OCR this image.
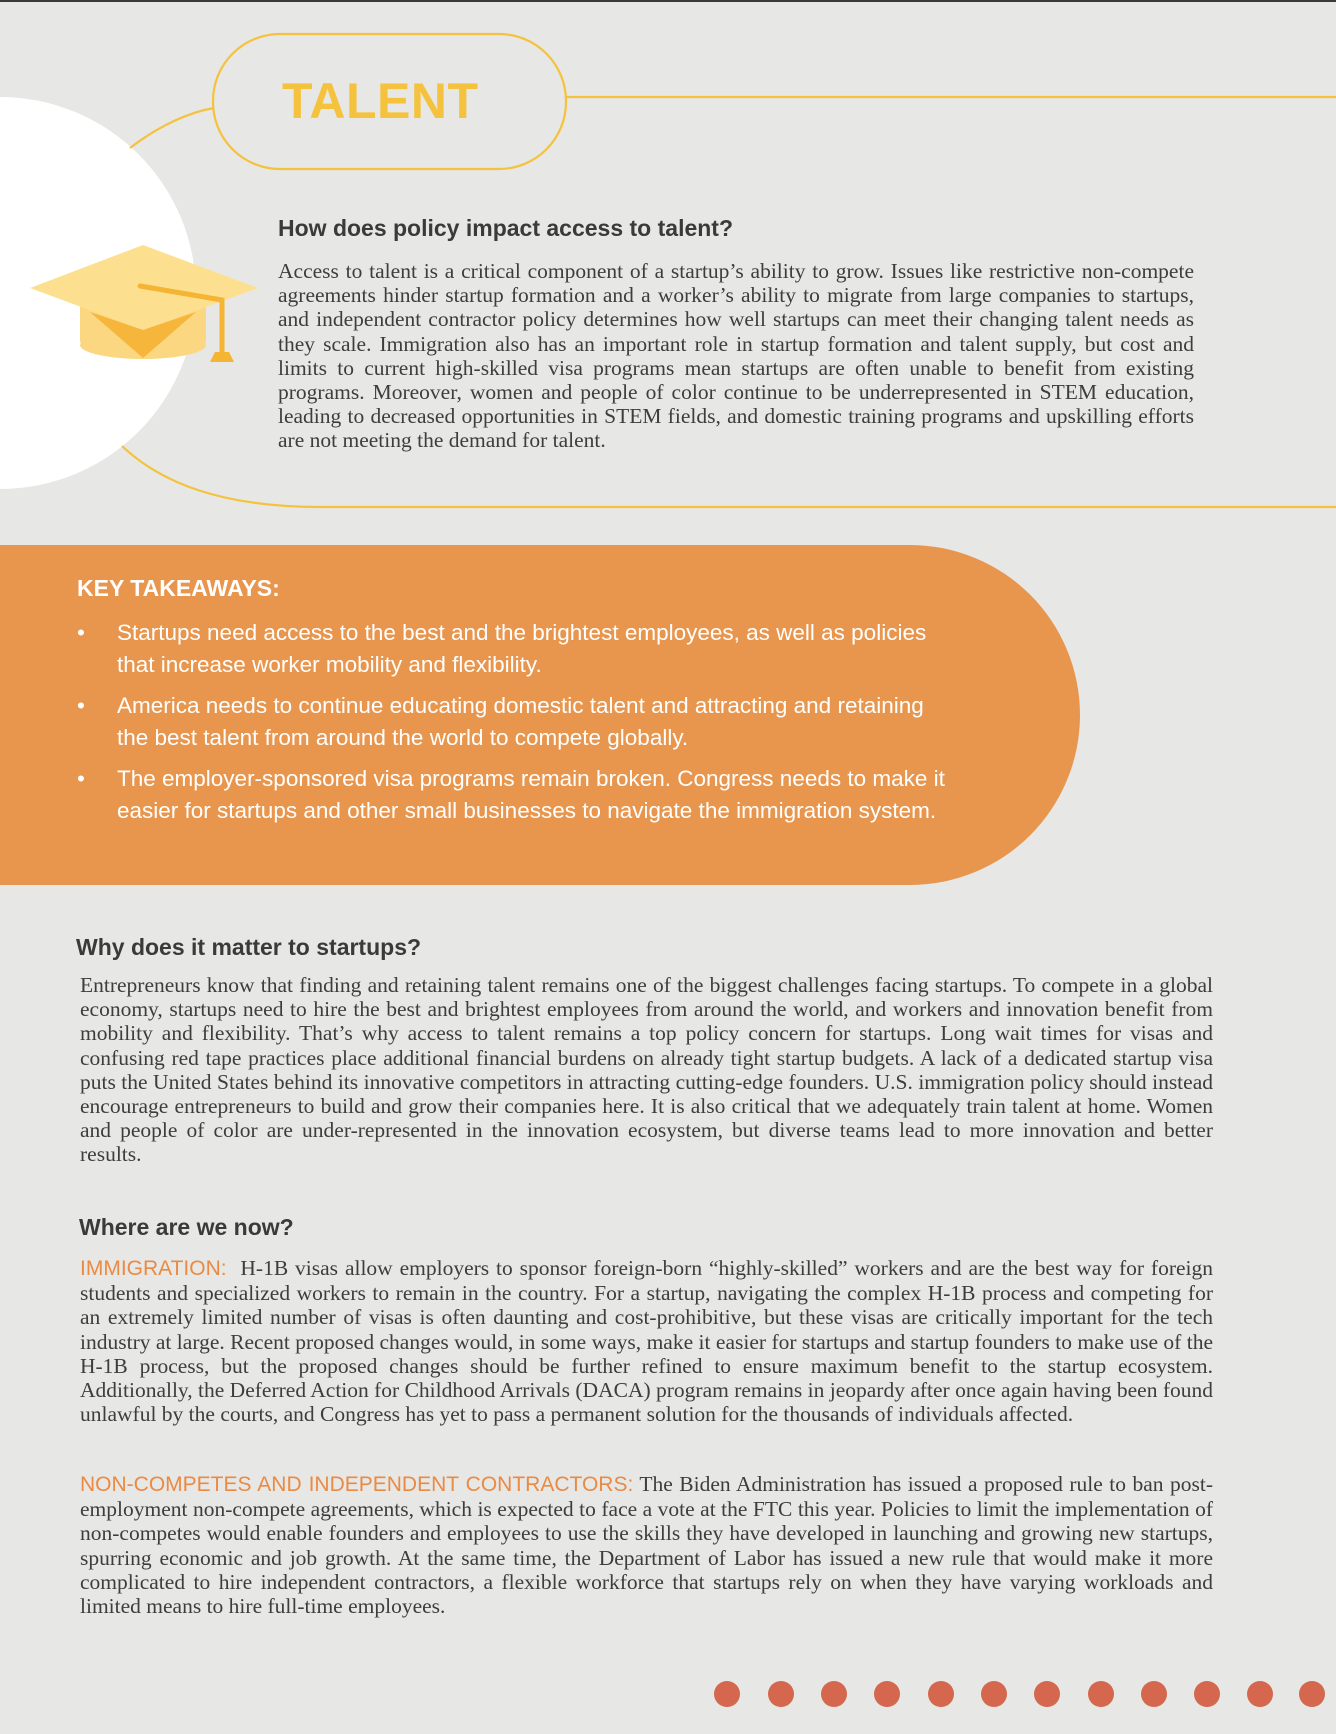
TALENT
How does policy impact access to talent?

Access to talent is a critical component of a startup’s ability to grow. Issues like restrictive non-compete agreements hinder startup formation and a worker’s ability to migrate from large companies to startups, and independent contractor policy determines how well startups can meet their changing talent needs as they scale. Immigration also has an important role in startup formation and talent supply, but cost and limits to current high-skilled visa programs mean startups are often unable to benefit from existing programs. Moreover, women and people of color continue to be underrepresented in STEM education, leading to decreased opportunities in STEM fields, and domestic training programs and upskilling efforts are not meeting the demand for talent.

KEY TAKEAWAYS:
• Startups need access to the best and the brightest employees, as well as policies that increase worker mobility and flexibility.
• America needs to continue educating domestic talent and attracting and retaining the best talent from around the world to compete globally.
• The employer-sponsored visa programs remain broken. Congress needs to make it easier for startups and other small businesses to navigate the immigration system.
Why does it matter to startups?

Entrepreneurs know that finding and retaining talent remains one of the biggest challenges facing startups. To compete in a global economy, startups need to hire the best and brightest employees from around the world, and workers and innovation benefit from mobility and flexibility. That’s why access to talent remains a top policy concern for startups. Long wait times for visas and confusing red tape practices place additional financial burdens on already tight startup budgets. A lack of a dedicated startup visa puts the United States behind its innovative competitors in attracting cutting-edge founders. U.S. immigration policy should instead encourage entrepreneurs to build and grow their companies here. It is also critical that we adequately train talent at home. Women and people of color are under-represented in the innovation ecosystem, but diverse teams lead to more innovation and better results.

Where are we now?

IMMIGRATION: H-1B visas allow employers to sponsor foreign-born “highly-skilled” workers and are the best way for foreign students and specialized workers to remain in the country. For a startup, navigating the complex H-1B process and competing for an extremely limited number of visas is often daunting and cost-prohibitive, but these visas are critically important for the tech industry at large. Recent proposed changes would, in some ways, make it easier for startups and startup founders to make use of the H-1B process, but the proposed changes should be further refined to ensure maximum benefit to the startup ecosystem. Additionally, the Deferred Action for Childhood Arrivals (DACA) program remains in jeopardy after once again having been found unlawful by the courts, and Congress has yet to pass a permanent solution for the thousands of individuals affected.

NON-COMPETES AND INDEPENDENT CONTRACTORS: The Biden Administration has issued a proposed rule to ban post-employment non-compete agreements, which is expected to face a vote at the FTC this year. Policies to limit the implementation of non-competes would enable founders and employees to use the skills they have developed in launching and growing new startups, spurring economic and job growth. At the same time, the Department of Labor has issued a new rule that would make it more complicated to hire independent contractors, a flexible workforce that startups rely on when they have varying workloads and limited means to hire full-time employees.
